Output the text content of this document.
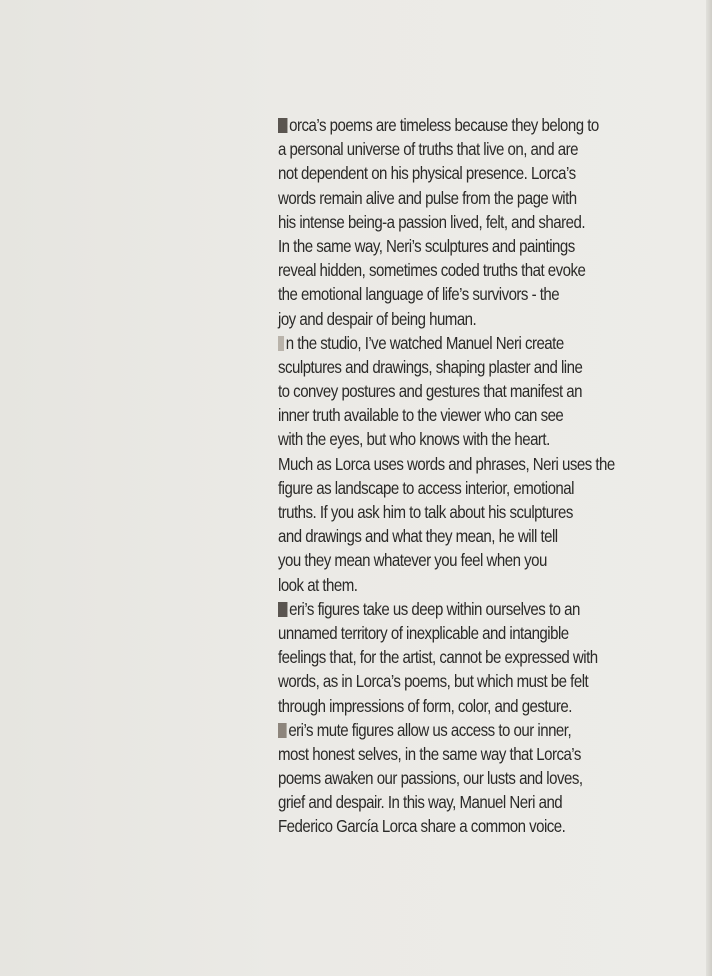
orca’s poems are timeless because they belong to
a personal universe of truths that live on, and are
not dependent on his physical presence. Lorca’s
words remain alive and pulse from the page with
his intense being-a passion lived, felt, and shared.
In the same way, Neri’s sculptures and paintings
reveal hidden, sometimes coded truths that evoke
the emotional language of life’s survivors - the
joy and despair of being human.
n the studio, I’ve watched Manuel Neri create
sculptures and drawings, shaping plaster and line
to convey postures and gestures that manifest an
inner truth available to the viewer who can see
with the eyes, but who knows with the heart.
Much as Lorca uses words and phrases, Neri uses the
figure as landscape to access interior, emotional
truths. If you ask him to talk about his sculptures
and drawings and what they mean, he will tell
you they mean whatever you feel when you
look at them.
eri’s figures take us deep within ourselves to an
unnamed territory of inexplicable and intangible
feelings that, for the artist, cannot be expressed with
words, as in Lorca’s poems, but which must be felt
through impressions of form, color, and gesture.
eri’s mute figures allow us access to our inner,
most honest selves, in the same way that Lorca’s
poems awaken our passions, our lusts and loves,
grief and despair. In this way, Manuel Neri and
Federico García Lorca share a common voice.
